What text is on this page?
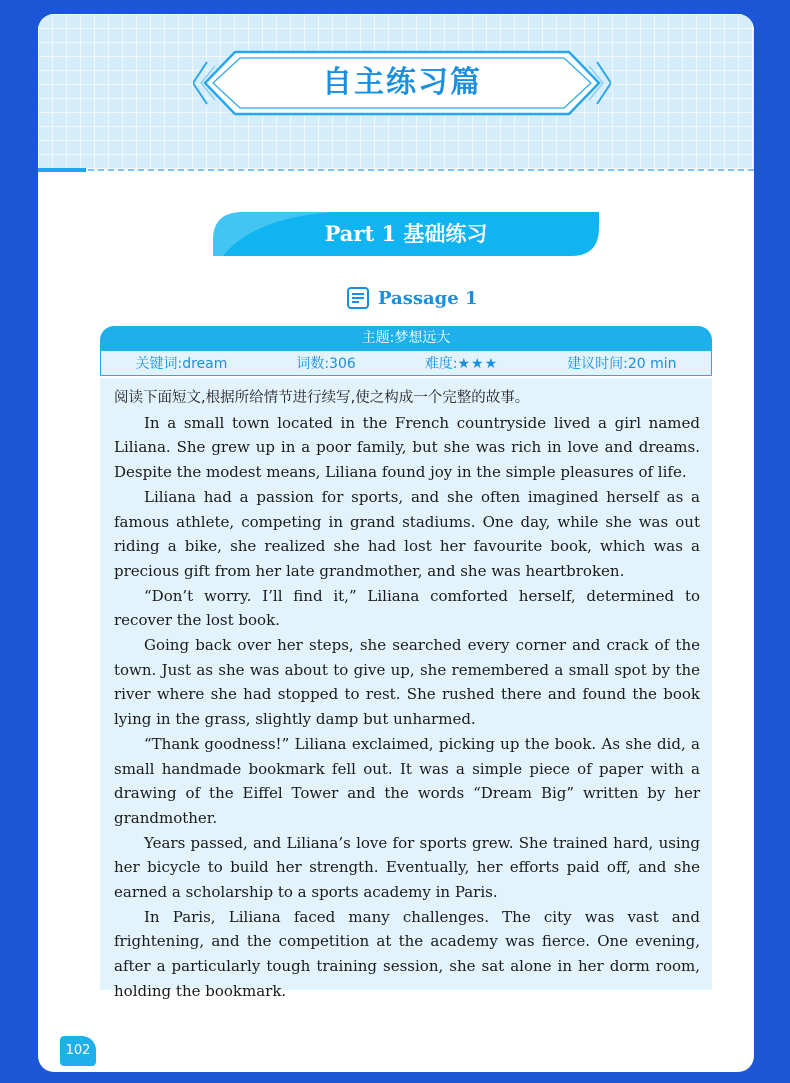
自主练习篇
Part 1 基础练习
Passage 1
主题:梦想远大
关键词:dream	词数:306	难度:★★★	建议时间:20 min

阅读下面短文,根据所给情节进行续写,使之构成一个完整的故事。

In a small town located in the French countryside lived a girl named Liliana. She grew up in a poor family, but she was rich in love and dreams. Despite the modest means, Liliana found joy in the simple pleasures of life.

Liliana had a passion for sports, and she often imagined herself as a famous athlete, competing in grand stadiums. One day, while she was out riding a bike, she realized she had lost her favourite book, which was a precious gift from her late grandmother, and she was heartbroken.

“Don’t worry. I’ll find it,” Liliana comforted herself, determined to recover the lost book.

Going back over her steps, she searched every corner and crack of the town. Just as she was about to give up, she remembered a small spot by the river where she had stopped to rest. She rushed there and found the book lying in the grass, slightly damp but unharmed.

“Thank goodness!” Liliana exclaimed, picking up the book. As she did, a small handmade bookmark fell out. It was a simple piece of paper with a drawing of the Eiffel Tower and the words “Dream Big” written by her grandmother.

Years passed, and Liliana’s love for sports grew. She trained hard, using her bicycle to build her strength. Eventually, her efforts paid off, and she earned a scholarship to a sports academy in Paris.

In Paris, Liliana faced many challenges. The city was vast and frightening, and the competition at the academy was fierce. One evening, after a particularly tough training session, she sat alone in her dorm room, holding the bookmark.

102
